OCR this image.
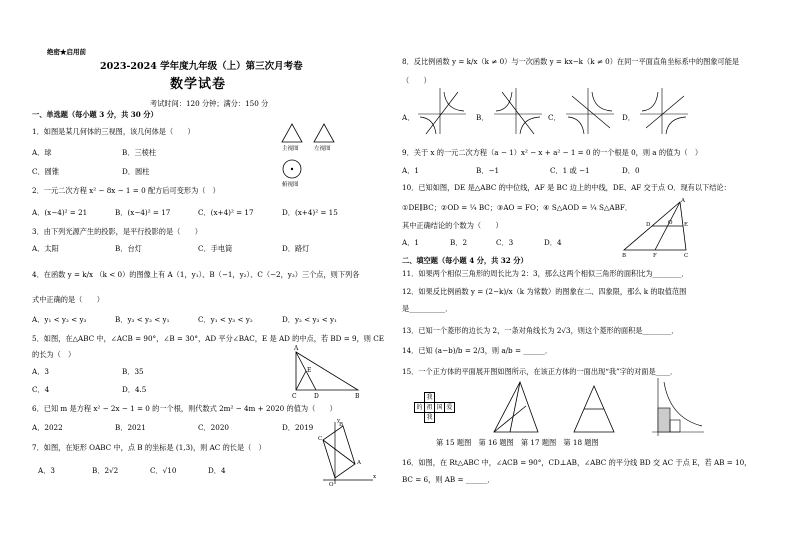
绝密★启用前
2023-2024 学年度九年级（上）第三次月考卷
数学试卷
考试时间：120 分钟；满分：150 分
一、单选题（每小题 3 分，共 30 分）
1．如图是某几何体的三视图，该几何体是（　　）
A．球	B．三棱柱
C．圆锥	D．圆柱
主视图	左视图
俯视图
2．一元二次方程 x² − 8x − 1 = 0 配方后可变形为（　）
A．(x−4)² = 21	B．(x−4)² = 17	C．(x+4)² = 17	D．(x+4)² = 15
3．由下列光源产生的投影，是平行投影的是（　　）
A．太阳	B．台灯	C．手电筒	D．路灯
4．在函数 y = k/x （k < 0）的图像上有 A（1，y₁）、B（−1，y₂）、C（−2，y₃）三个点，则下列各
式中正确的是（　　）
A．y₁ < y₂ < y₃	B．y₃ < y₂ < y₁	C．y₁ < y₃ < y₂	D．y₂ < y₃ < y₁
5．如图，在△ABC 中，∠ACB = 90°，∠B = 30°，AD 平分∠BAC，E 是 AD 的中点，若 BD = 9，则 CE
的长为（　）
A．3	B．35
C．4	D．4.5
A
C	D	B
E
6．已知 m 是方程 x² − 2x − 1 = 0 的一个根，则代数式 2m² − 4m + 2020 的值为（　　）
A．2022	B．2021	C．2020	D．2019
7．如图，在矩形 OABC 中，点 B 的坐标是 (1,3)，则 AC 的长是（　）
A．3	B．2√2	C．√10	D．4
O
B
C
A
y
x
8．反比例函数 y = k/x（k ≠ 0）与一次函数 y = kx−k（k ≠ 0）在同一平面直角坐标系中的图象可能是
（　　）
A．	B．	C．	D．
9．关于 x 的一元二次方程（a − 1）x² − x + a² − 1 = 0 的一个根是 0，则 a 的值为（　）
A．1	B．−1	C．1 或 −1	D．0
10．已知如图，DE 是△ABC 的中位线，AF 是 BC 边上的中线，DE、AF 交于点 O．现有以下结论：
①DE∥BC；②OD = ¼ BC；③AO = FO；④ S△AOD = ¼ S△ABF．
其中正确结论的个数为（　　）
A．1	B．2	C．3	D．4
A
D	E
O
B	F	C
二、填空题（每小题 4 分，共 32 分）
11．如果两个相似三角形的周长比为 2：3，那么这两个相似三角形的面积比为________．
12．如果反比例函数 y = (2−k)/x（k 为常数）的图象在二、四象限，那么 k 的取值范围
是__________．
13．已知一个菱形的边长为 2，一条对角线长为 2√3，则这个菱形的面积是________．
14．已知 (a−b)/b = 2/3，则 a/b = ______．
15．一个正方体的平面展开图如图所示，在该正方体的一面出现“我”字的对面是____．
我
的 祖 国 爱
我
第 15 题图　第 16 题图　第 17 题图　第 18 题图
16．如图，在 Rt△ABC 中，∠ACB = 90°，CD⊥AB，∠ABC 的平分线 BD 交 AC 于点 E，若 AB = 10，
BC = 6，则 AB = ______．
